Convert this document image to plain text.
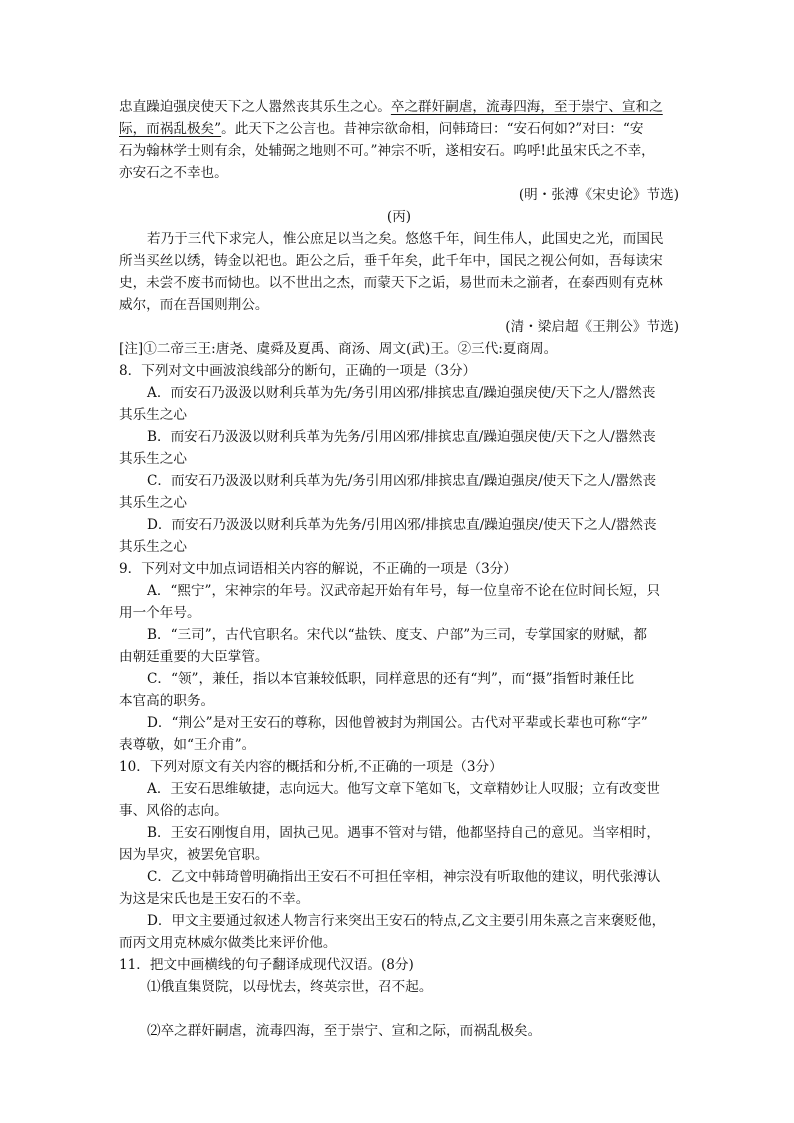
忠直躁迫强戾使天下之人嚣然丧其乐生之心。卒之群奸嗣虐，流毒四海，至于崇宁、宣和之
际，而祸乱极矣”。此天下之公言也。昔神宗欲命相，问韩琦曰：“安石何如?”对曰：“安
石为翰林学士则有余，处辅弼之地则不可。”神宗不听，遂相安石。呜呼!此虽宋氏之不幸，
亦安石之不幸也。
(明・张溥《宋史论》节选)
(丙)
若乃于三代下求完人，惟公庶足以当之矣。悠悠千年，间生伟人，此国史之光，而国民
所当买丝以绣，铸金以祀也。距公之后，垂千年矣，此千年中，国民之视公何如，吾每读宋
史，未尝不废书而恸也。以不世出之杰，而蒙天下之诟，易世而未之湔者，在泰西则有克林
威尔，而在吾国则荆公。
(清・梁启超《王荆公》节选)
[注]①二帝三王:唐尧、虞舜及夏禹、商汤、周文(武)王。②三代:夏商周。
8．下列对文中画波浪线部分的断句，正确的一项是（3分）
A．而安石乃汲汲以财利兵革为先/务引用凶邪/排摈忠直/躁迫强戾使/天下之人/嚣然丧
其乐生之心
B．而安石乃汲汲以财利兵革为先务/引用凶邪/排摈忠直/躁迫强戾使/天下之人/嚣然丧
其乐生之心
C．而安石乃汲汲以财利兵革为先/务引用凶邪/排摈忠直/躁迫强戾/使天下之人/嚣然丧
其乐生之心
D．而安石乃汲汲以财利兵革为先务/引用凶邪/排摈忠直/躁迫强戾/使天下之人/嚣然丧
其乐生之心
9．下列对文中加点词语相关内容的解说，不正确的一项是（3分）
A．“熙宁”，宋神宗的年号。汉武帝起开始有年号，每一位皇帝不论在位时间长短，只
用一个年号。
B．“三司”，古代官职名。宋代以“盐铁、度支、户部”为三司，专掌国家的财赋，都
由朝廷重要的大臣掌管。
C．“领”，兼任，指以本官兼较低职，同样意思的还有“判”，而“摄”指暂时兼任比
本官高的职务。
D．“荆公”是对王安石的尊称，因他曾被封为荆国公。古代对平辈或长辈也可称“字”
表尊敬，如“王介甫”。
10．下列对原文有关内容的概括和分析,不正确的一项是（3分）
A．王安石思维敏捷，志向远大。他写文章下笔如飞，文章精妙让人叹服；立有改变世
事、风俗的志向。
B．王安石刚愎自用，固执己见。遇事不管对与错，他都坚持自己的意见。当宰相时，
因为旱灾，被罢免官职。
C．乙文中韩琦曾明确指出王安石不可担任宰相，神宗没有听取他的建议，明代张溥认
为这是宋氏也是王安石的不幸。
D．甲文主要通过叙述人物言行来突出王安石的特点,乙文主要引用朱熹之言来褒贬他，
而丙文用克林威尔做类比来评价他。
11．把文中画横线的句子翻译成现代汉语。(8分)
⑴俄直集贤院，以母忧去，终英宗世，召不起。
⑵卒之群奸嗣虐，流毒四海，至于崇宁、宣和之际，而祸乱极矣。
